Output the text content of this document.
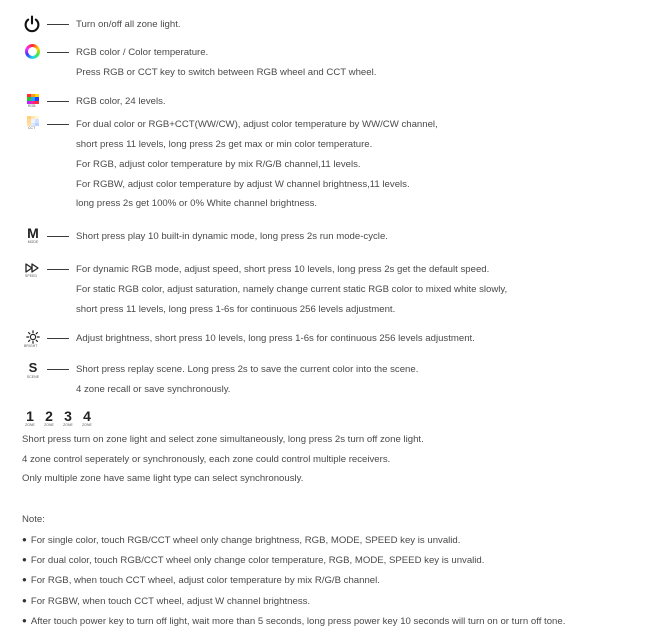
Turn on/off all zone light.
RGB color / Color temperature.
Press RGB or CCT key to switch between RGB wheel and CCT wheel.
RGB	RGB color, 24 levels.
CCT	For dual color or RGB+CCT(WW/CW), adjust color temperature by WW/CW channel,
short press 11 levels, long press 2s get max or min color temperature.
For RGB, adjust color temperature by mix R/G/B channel,11 levels.
For RGBW, adjust color temperature by adjust W channel brightness,11 levels.
long press 2s get 100% or 0% White channel brightness.
M
MODE	Short press play 10 built-in dynamic mode, long press 2s run mode-cycle.
SPEED
For dynamic RGB mode, adjust speed, short press 10 levels, long press 2s get the default speed.
For static RGB color, adjust saturation, namely change current static RGB color to mixed white slowly,
short press 11 levels, long press 1-6s for continuous 256 levels adjustment.
BRIGHT
Adjust brightness, short press 10 levels, long press 1-6s for continuous 256 levels adjustment.
S
SCENE
Short press replay scene. Long press 2s to save the current color into the scene.
4 zone recall or save synchronously.
1
ZONE
2
ZONE
3
ZONE
4
ZONE
Short press turn on zone light and select zone simultaneously, long press 2s turn off zone light.
4 zone control seperately or synchronously, each zone could control multiple receivers.
Only multiple zone have same light type can select synchronously.
Note:
● For single color, touch RGB/CCT wheel only change brightness, RGB, MODE, SPEED key is unvalid.
● For dual color, touch RGB/CCT wheel only change color temperature, RGB, MODE, SPEED key is unvalid.
● For RGB, when touch CCT wheel, adjust color temperature by mix R/G/B channel.
● For RGBW, when touch CCT wheel, adjust W channel brightness.
● After touch power key to turn off light, wait more than 5 seconds, long press power key 10 seconds will turn on or turn off tone.
